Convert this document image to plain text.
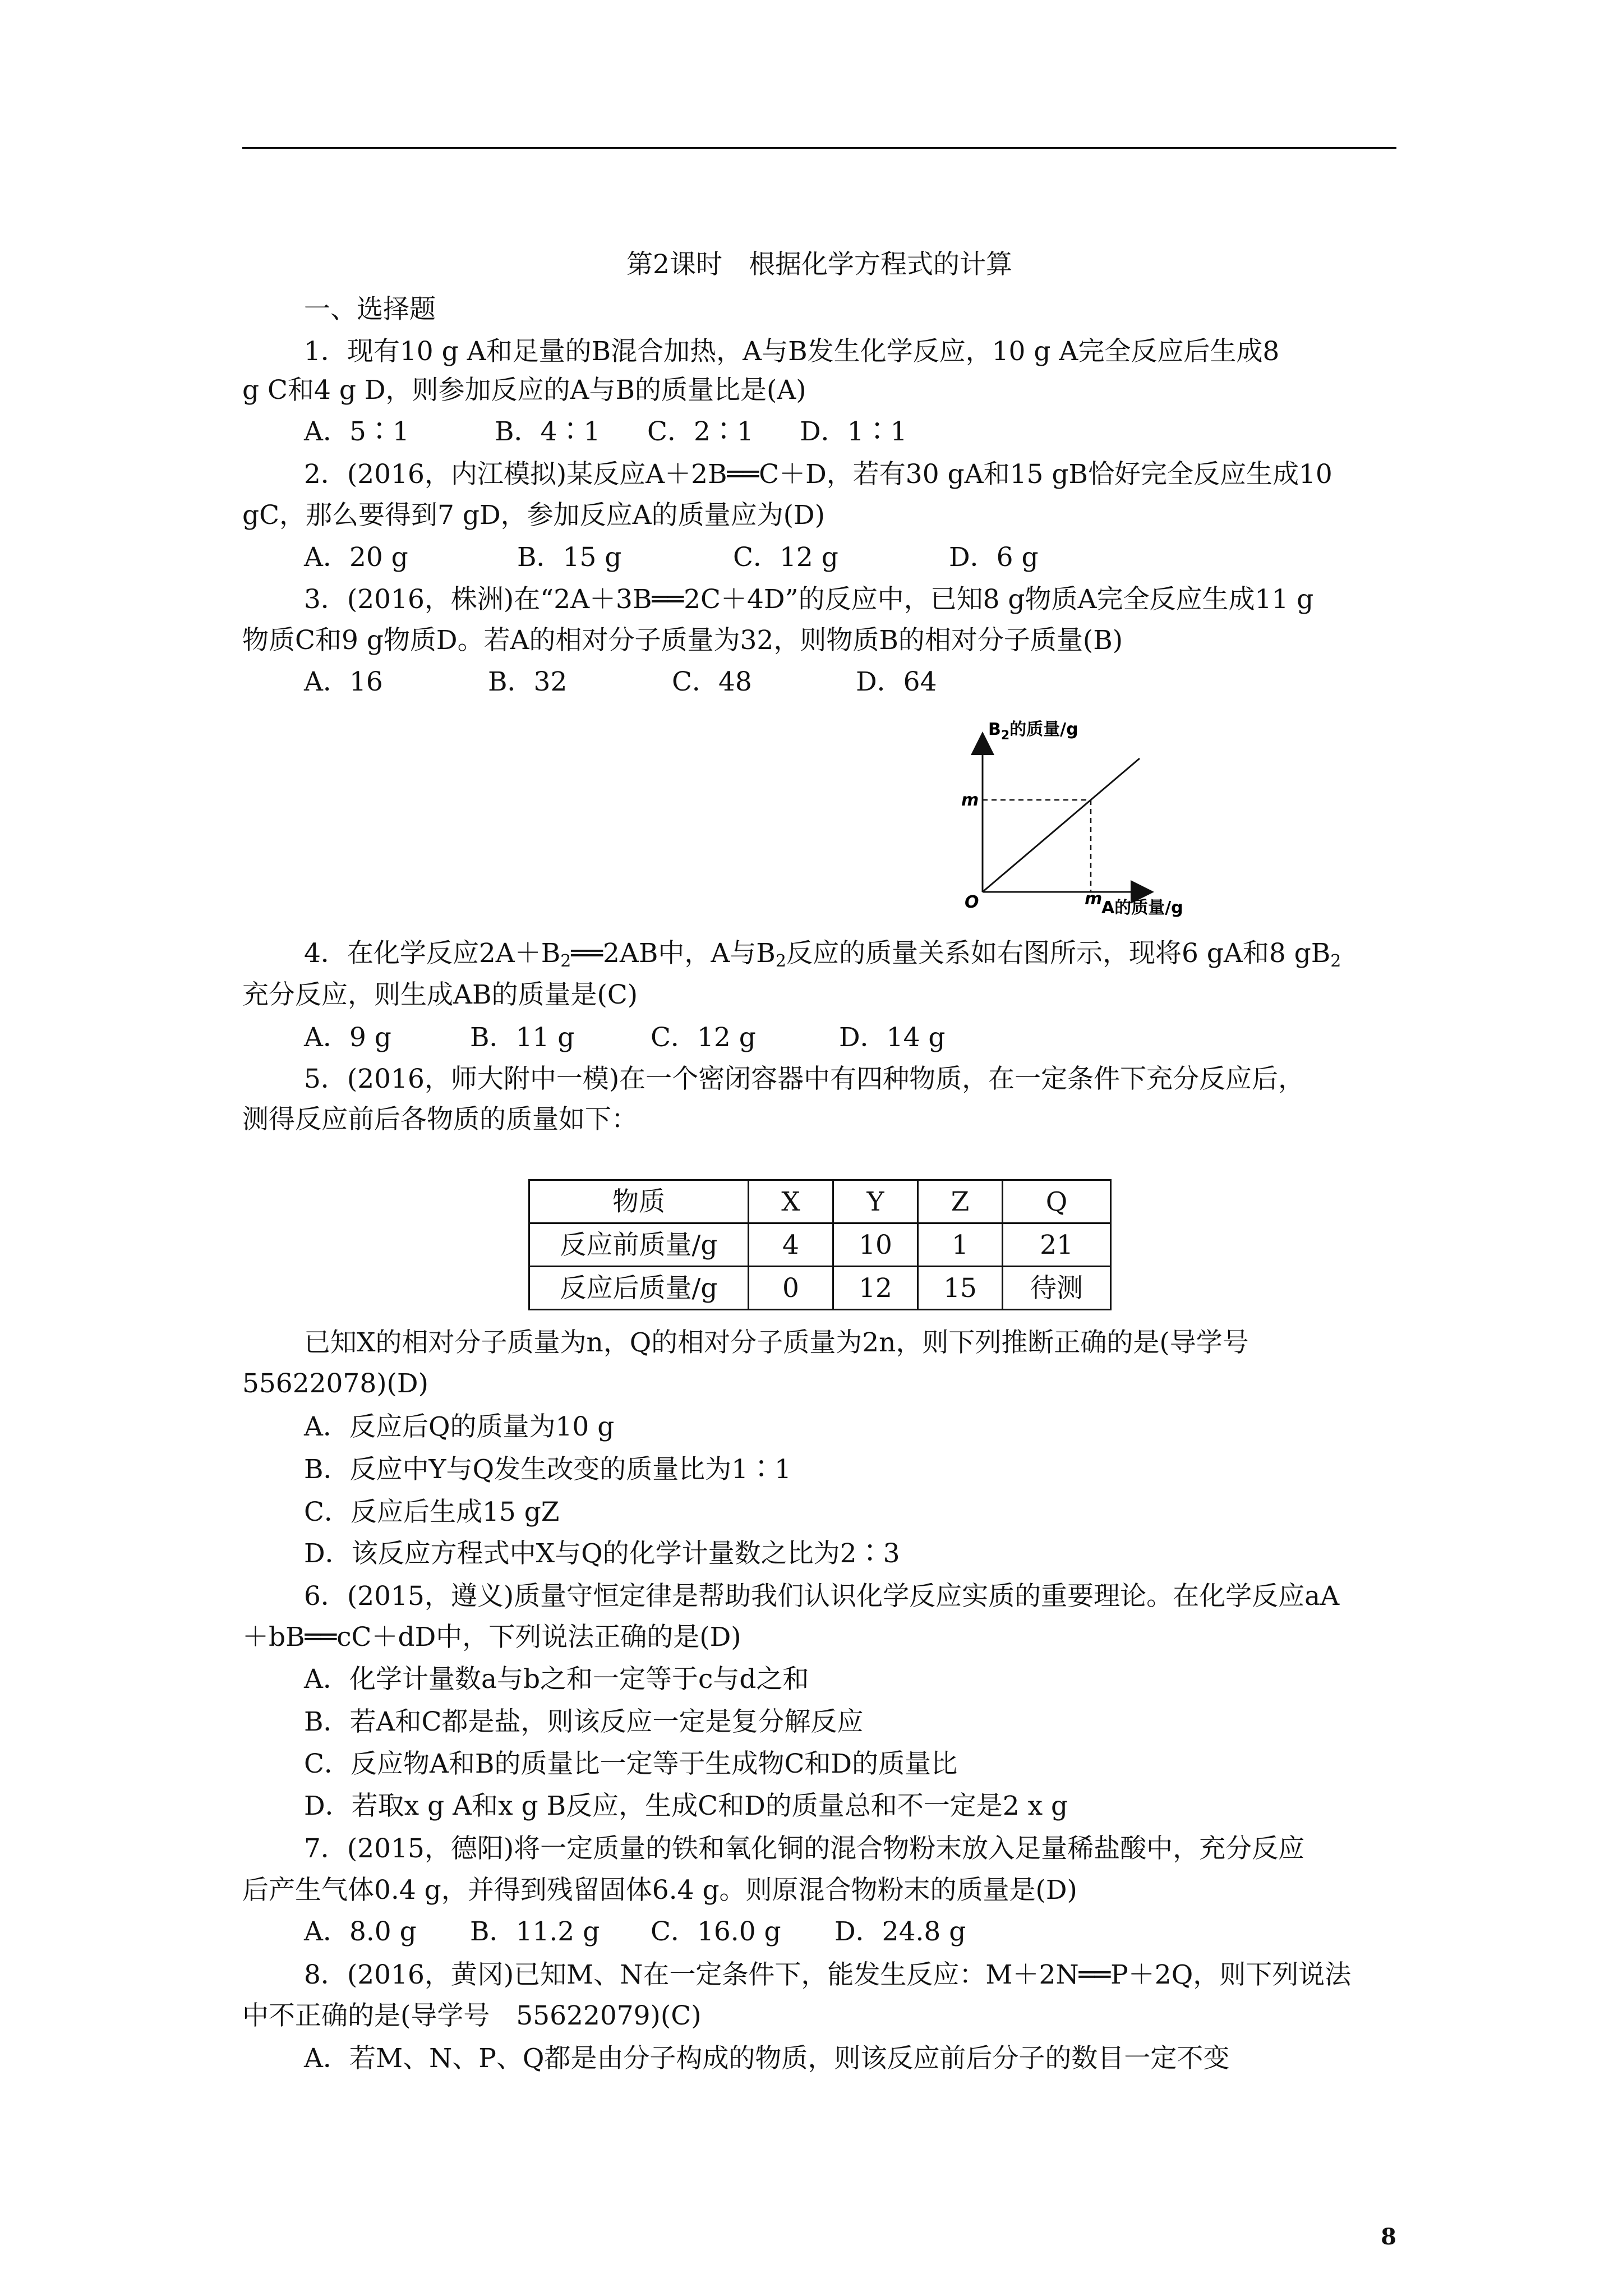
第2课时　根据化学方程式的计算
一、选择题
1．现有10 g A和足量的B混合加热，A与B发生化学反应，10 g A完全反应后生成8
g C和4 g D，则参加反应的A与B的质量比是(A)
A．5∶1	B．4∶1 C．2∶1 D．1∶1
2．(2016，内江模拟)某反应A＋2B══C＋D，若有30 gA和15 gB恰好完全反应生成10
gC，那么要得到7 gD，参加反应A的质量应为(D)
A．20 g	B．15 g	C．12 g	D．6 g
3．(2016，株洲)在“2A＋3B══2C＋4D”的反应中，已知8 g物质A完全反应生成11 g
物质C和9 g物质D。若A的相对分子质量为32，则物质B的相对分子质量(B)
A．16	B．32	C．48	D．64
$B_2$的质量/g
m
O	m
A的质量/g
4．在化学反应$2A+B_2══2AB$中，A与$B_2$反应的质量关系如右图所示，现将6 gA和8 $gB_2$
充分反应，则生成AB的质量是(C)
A．9 g	B．11 g	C．12 g	D．14 g
5．(2016，师大附中一模)在一个密闭容器中有四种物质，在一定条件下充分反应后，
测得反应前后各物质的质量如下：
物质	X	Y	Z	Q
反应前质量/g	4	10	1	21
反应后质量/g	0	12	15	待测
已知X的相对分子质量为n，Q的相对分子质量为2n，则下列推断正确的是(导学号
55622078)(D)
A．反应后Q的质量为10 g
B．反应中Y与Q发生改变的质量比为1∶1
C．反应后生成15 gZ
D．该反应方程式中X与Q的化学计量数之比为2∶3
6．(2015，遵义)质量守恒定律是帮助我们认识化学反应实质的重要理论。在化学反应aA
＋bB══cC＋dD中，下列说法正确的是(D)
A．化学计量数a与b之和一定等于c与d之和
B．若A和C都是盐，则该反应一定是复分解反应
C．反应物A和B的质量比一定等于生成物C和D的质量比
D．若取x g A和x g B反应，生成C和D的质量总和不一定是2 x g
7．(2015，德阳)将一定质量的铁和氧化铜的混合物粉末放入足量稀盐酸中，充分反应
后产生气体0.4 g，并得到残留固体6.4 g。则原混合物粉末的质量是(D)
A．8.0 g B．11.2 g C．16.0 g D．24.8 g
8．(2016，黄冈)已知M、N在一定条件下，能发生反应：M＋2N══P＋2Q，则下列说法
中不正确的是(导学号　55622079)(C)
A．若M、N、P、Q都是由分子构成的物质，则该反应前后分子的数目一定不变
8
